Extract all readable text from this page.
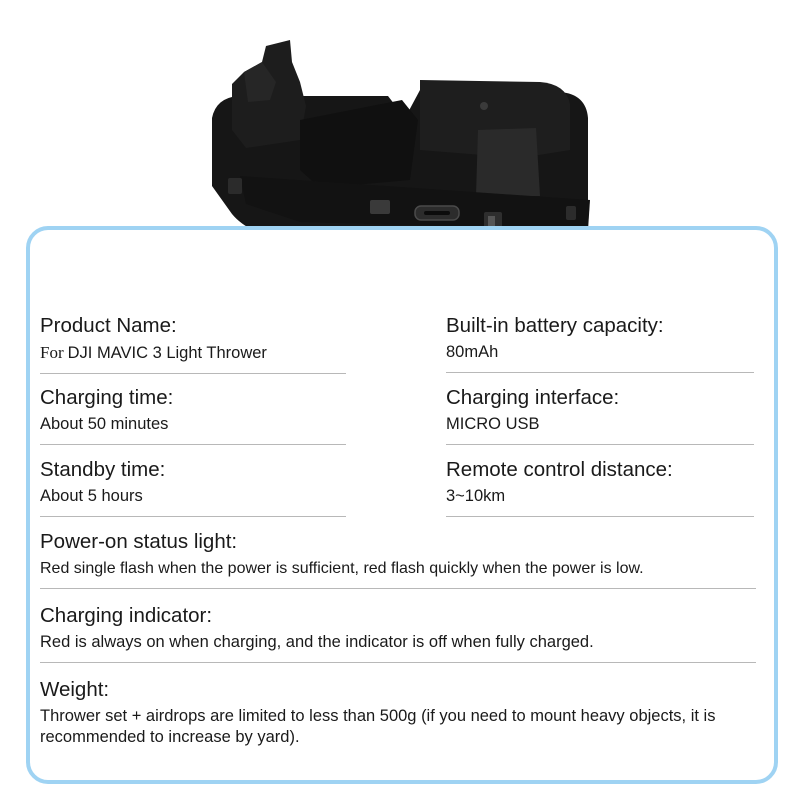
Product Name:
For DJI MAVIC 3 Light Thrower
Charging time:
About 50 minutes
Standby time:
About 5 hours
Built-in battery capacity:
80mAh
Charging interface:
MICRO USB
Remote control distance:
3~10km
Power-on status light:
Red single flash when the power is sufficient, red flash quickly when the power is low.
Charging indicator:
Red is always on when charging, and the indicator is off when fully charged.
Weight:
Thrower set + airdrops are limited to less than 500g (if you need to mount heavy objects, it is recommended to increase by yard).
